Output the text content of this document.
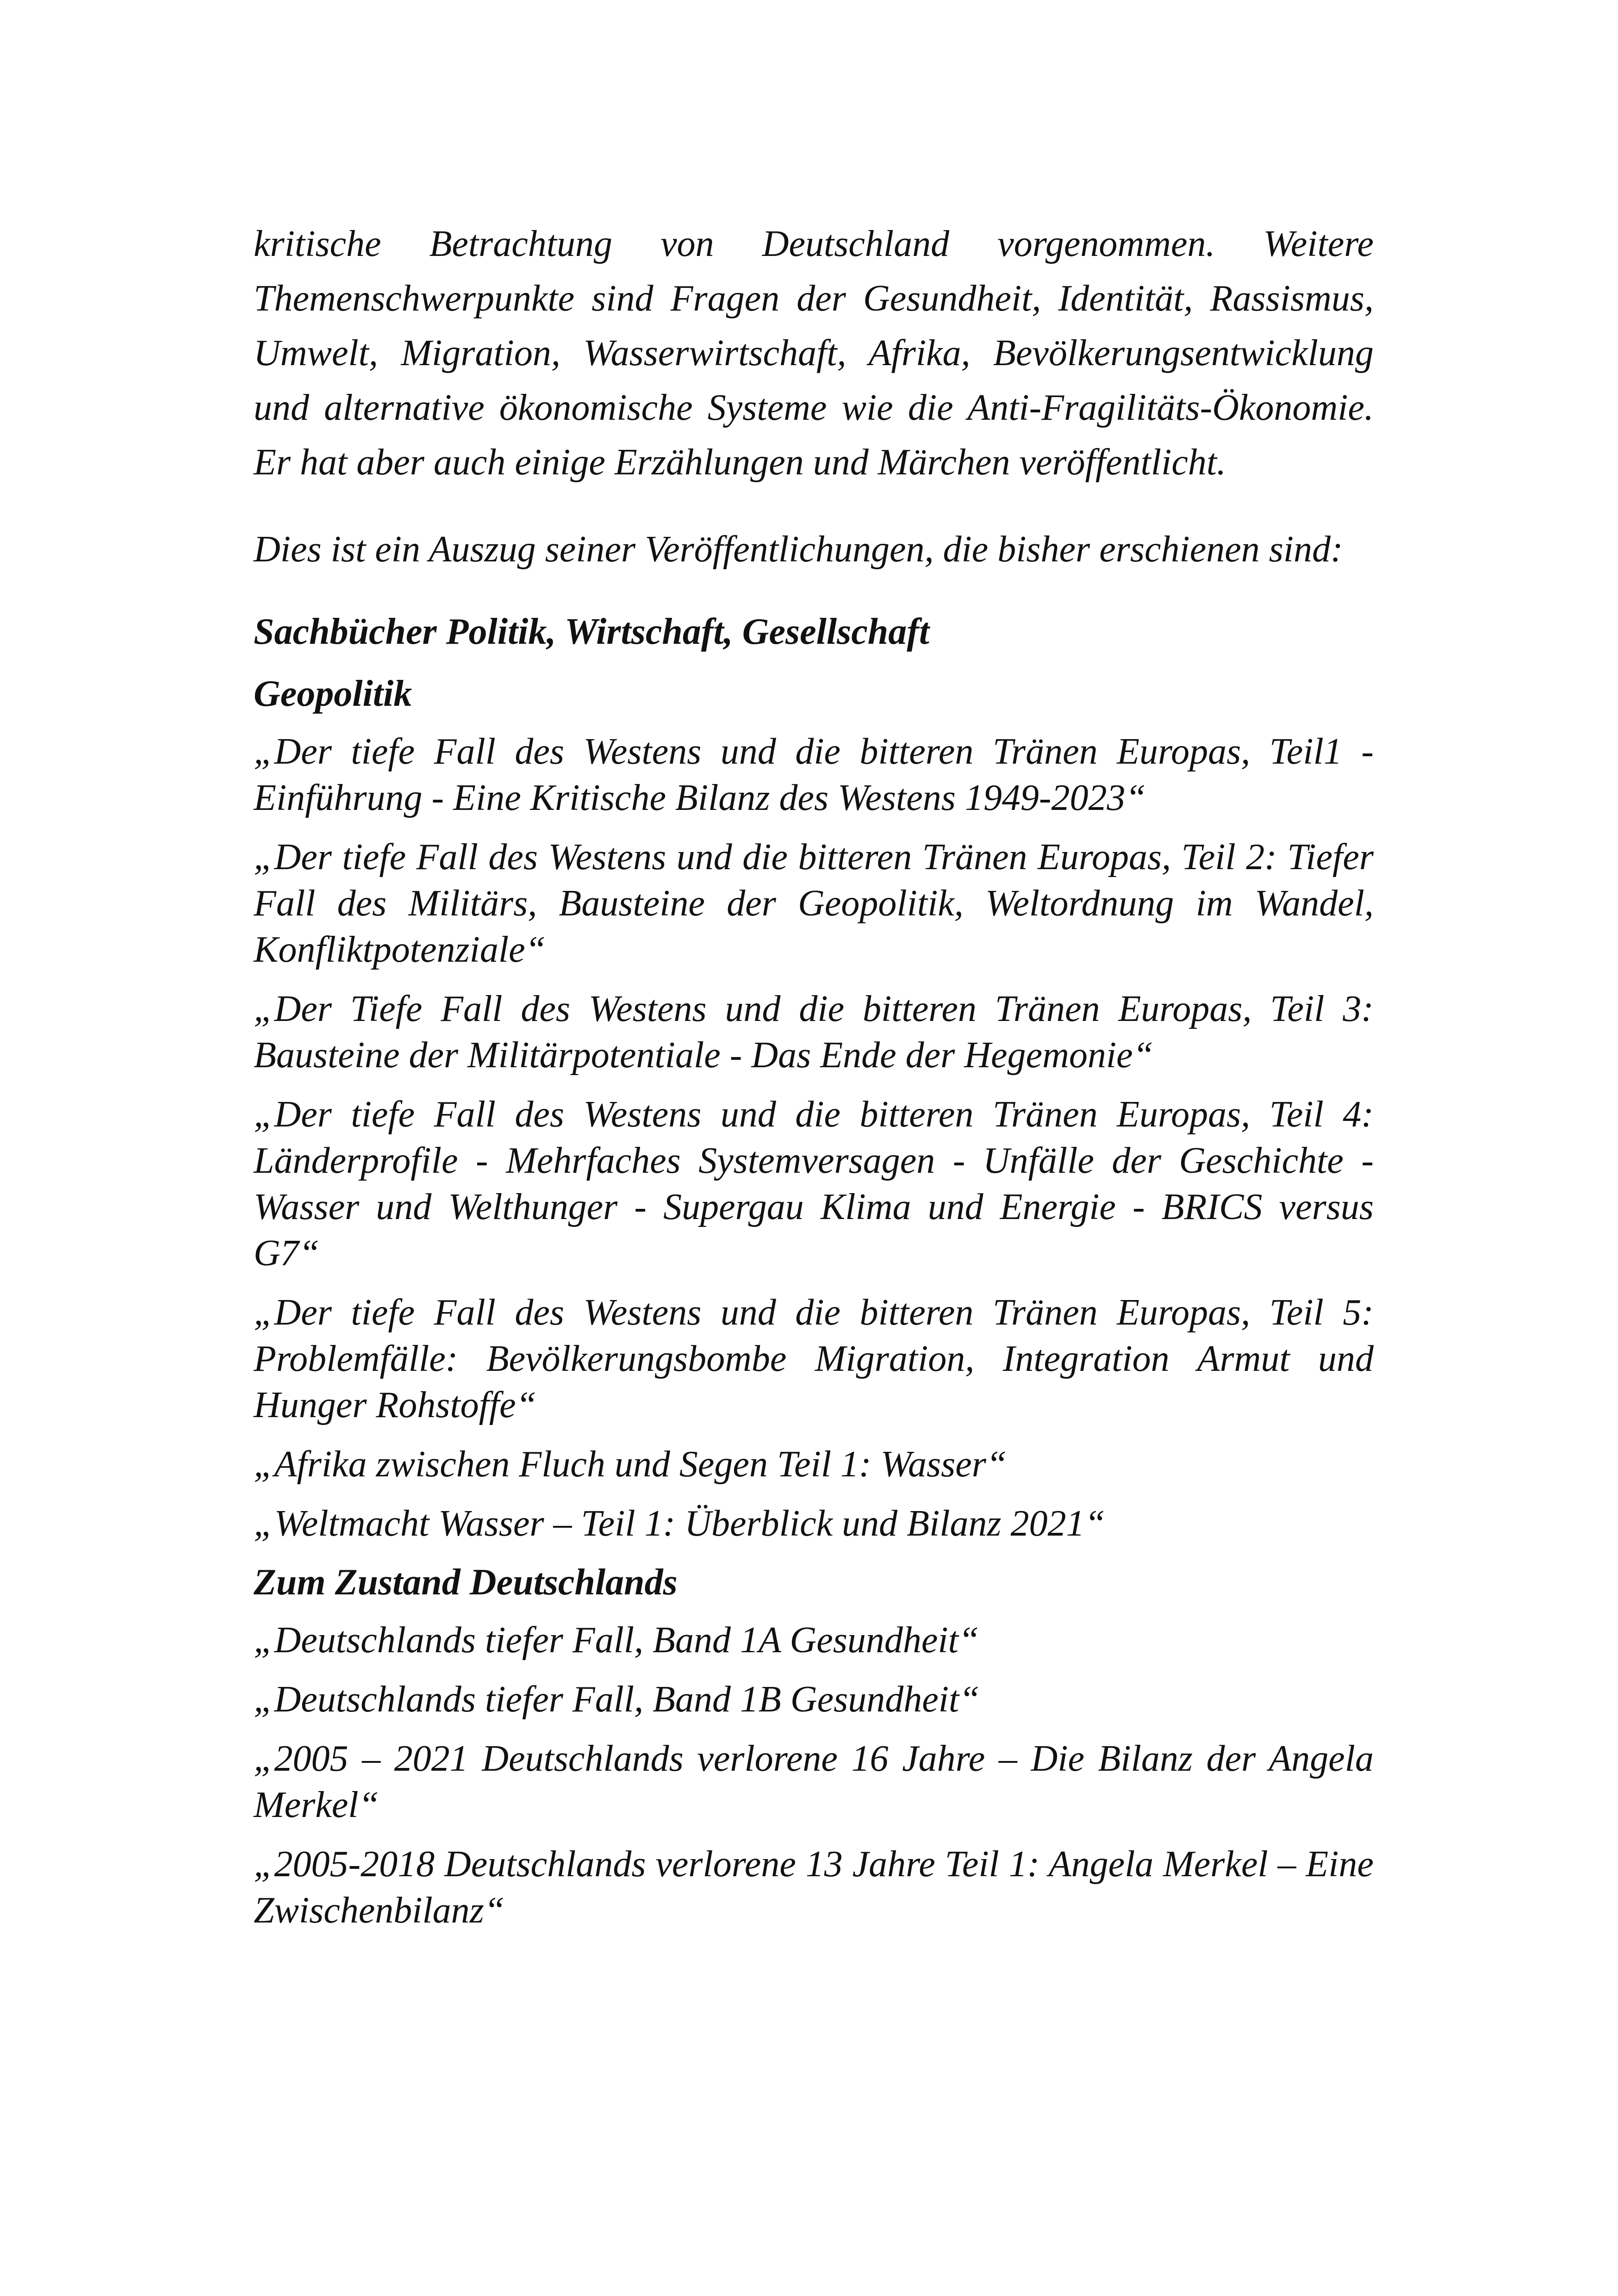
kritische Betrachtung von Deutschland vorgenommen. Weitere Themenschwerpunkte sind Fragen der Gesundheit, Identität, Rassismus, Umwelt, Migration, Wasserwirtschaft, Afrika, Bevölkerungsentwicklung und alternative ökonomische Systeme wie die Anti-Fragilitäts-Ökonomie. Er hat aber auch einige Erzählungen und Märchen veröffentlicht.

Dies ist ein Auszug seiner Veröffentlichungen, die bisher erschienen sind:

Sachbücher Politik, Wirtschaft, Gesellschaft
Geopolitik
„Der tiefe Fall des Westens und die bitteren Tränen Europas, Teil1 - Einführung - Eine Kritische Bilanz des Westens 1949-2023“
„Der tiefe Fall des Westens und die bitteren Tränen Europas, Teil 2: Tiefer Fall des Militärs, Bausteine der Geopolitik, Weltordnung im Wandel, Konfliktpotenziale“
„Der Tiefe Fall des Westens und die bitteren Tränen Europas, Teil 3: Bausteine der Militärpotentiale - Das Ende der Hegemonie“
„Der tiefe Fall des Westens und die bitteren Tränen Europas, Teil 4: Länderprofile - Mehrfaches Systemversagen - Unfälle der Geschichte - Wasser und Welthunger - Supergau Klima und Energie - BRICS versus G7“
„Der tiefe Fall des Westens und die bitteren Tränen Europas, Teil 5: Problemfälle: Bevölkerungsbombe Migration, Integration Armut und Hunger Rohstoffe“
„Afrika zwischen Fluch und Segen Teil 1: Wasser“
„Weltmacht Wasser – Teil 1: Überblick und Bilanz 2021“
Zum Zustand Deutschlands
„Deutschlands tiefer Fall, Band 1A Gesundheit“
„Deutschlands tiefer Fall, Band 1B Gesundheit“
„2005 – 2021 Deutschlands verlorene 16 Jahre – Die Bilanz der Angela Merkel“
„2005-2018 Deutschlands verlorene 13 Jahre Teil 1: Angela Merkel – Eine Zwischenbilanz“
